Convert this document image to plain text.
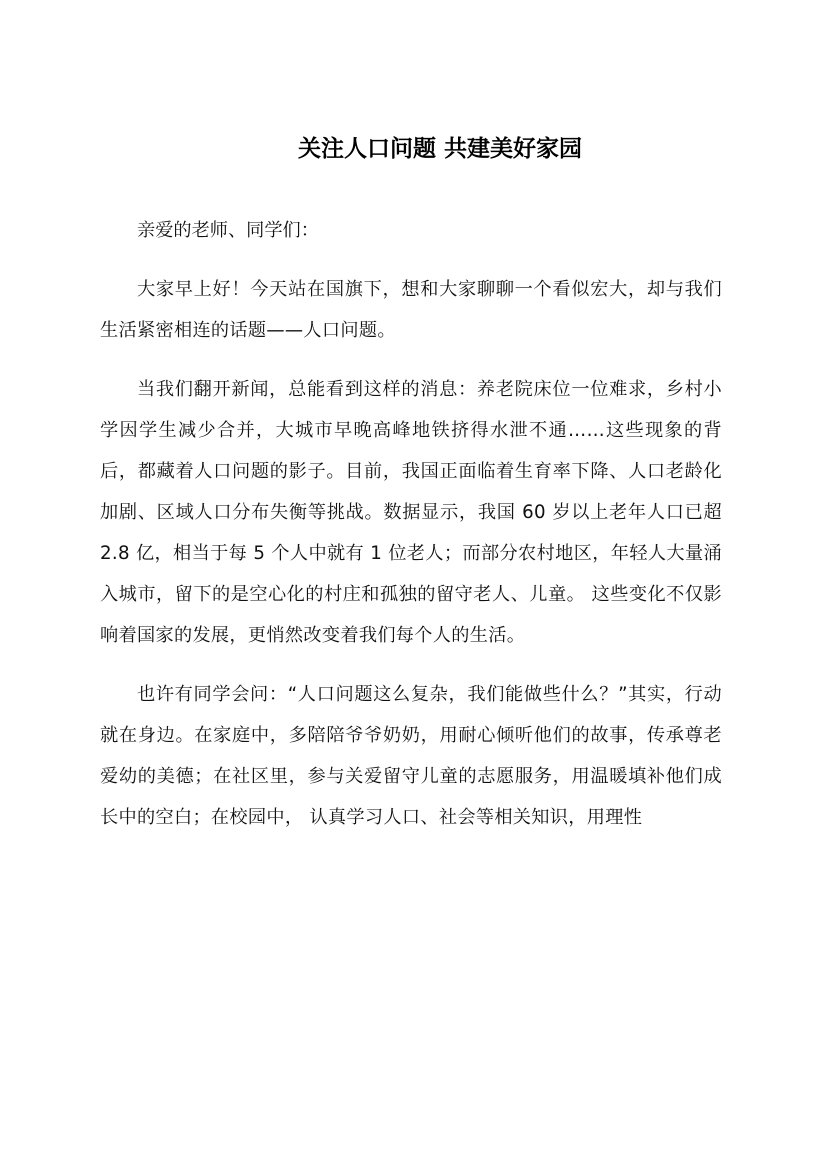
关注人口问题 共建美好家园

亲爱的老师、同学们：

大家早上好！今天站在国旗下，想和大家聊聊一个看似宏大，却与我们生活紧密相连的话题——人口问题。

当我们翻开新闻，总能看到这样的消息：养老院床位一位难求，乡村小学因学生减少合并，大城市早晚高峰地铁挤得水泄不通……这些现象的背后，都藏着人口问题的影子。目前，我国正面临着生育率下降、人口老龄化加剧、区域人口分布失衡等挑战。数据显示，我国 60 岁以上老年人口已超 2.8 亿，相当于每 5 个人中就有 1 位老人；而部分农村地区，年轻人大量涌入城市，留下的是空心化的村庄和孤独的留守老人、儿童。 这些变化不仅影响着国家的发展，更悄然改变着我们每个人的生活。

也许有同学会问：“人口问题这么复杂，我们能做些什么？”其实，行动就在身边。在家庭中，多陪陪爷爷奶奶，用耐心倾听他们的故事，传承尊老爱幼的美德；在社区里，参与关爱留守儿童的志愿服务，用温暖填补他们成长中的空白；在校园中， 认真学习人口、社会等相关知识，用理性
